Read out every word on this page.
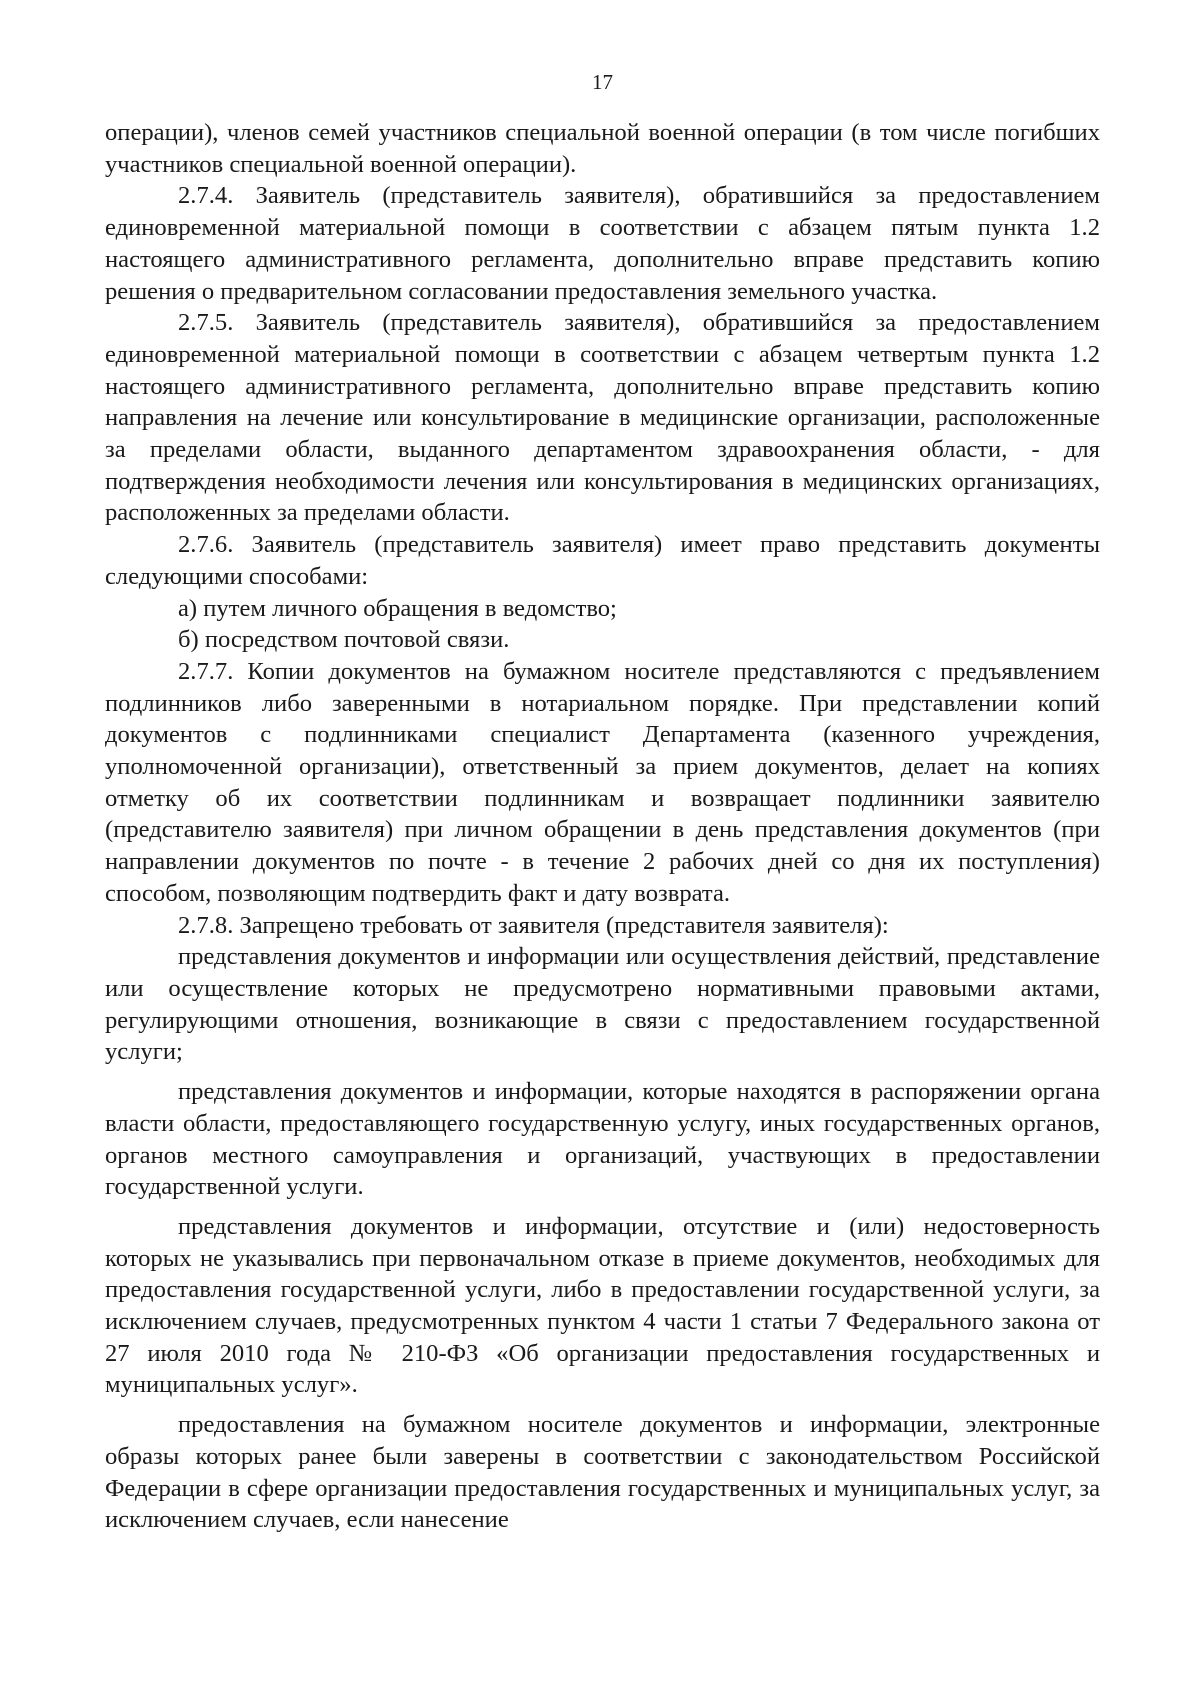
17

операции), членов семей участников специальной военной операции (в том числе погибших участников специальной военной операции).

2.7.4. Заявитель (представитель заявителя), обратившийся за предоставлением единовременной материальной помощи в соответствии с абзацем пятым пункта 1.2 настоящего административного регламента, дополнительно вправе представить копию решения о предварительном согласовании предоставления земельного участка.

2.7.5. Заявитель (представитель заявителя), обратившийся за предоставлением единовременной материальной помощи в соответствии с абзацем четвертым пункта 1.2 настоящего административного регламента, дополнительно вправе представить копию направления на лечение или консультирование в медицинские организации, расположенные за пределами области, выданного департаментом здравоохранения области, - для подтверждения необходимости лечения или консультирования в медицинских организациях, расположенных за пределами области.

2.7.6. Заявитель (представитель заявителя) имеет право представить документы следующими способами:

а) путем личного обращения в ведомство;

б) посредством почтовой связи.

2.7.7. Копии документов на бумажном носителе представляются с предъявлением подлинников либо заверенными в нотариальном порядке. При представлении копий документов с подлинниками специалист Департамента (казенного учреждения, уполномоченной организации), ответственный за прием документов, делает на копиях отметку об их соответствии подлинникам и возвращает подлинники заявителю (представителю заявителя) при личном обращении в день представления документов (при направлении документов по почте - в течение 2 рабочих дней со дня их поступления) способом, позволяющим подтвердить факт и дату возврата.

2.7.8. Запрещено требовать от заявителя (представителя заявителя):

представления документов и информации или осуществления действий, представление или осуществление которых не предусмотрено нормативными правовыми актами, регулирующими отношения, возникающие в связи с предоставлением государственной услуги;

представления документов и информации, которые находятся в распоряжении органа власти области, предоставляющего государственную услугу, иных государственных органов, органов местного самоуправления и организаций, участвующих в предоставлении государственной услуги.

представления документов и информации, отсутствие и (или) недостоверность которых не указывались при первоначальном отказе в приеме документов, необходимых для предоставления государственной услуги, либо в предоставлении государственной услуги, за исключением случаев, предусмотренных пунктом 4 части 1 статьи 7 Федерального закона от 27 июля 2010 года № 210-ФЗ «Об организации предоставления государственных и муниципальных услуг».

предоставления на бумажном носителе документов и информации, электронные образы которых ранее были заверены в соответствии с законодательством Российской Федерации в сфере организации предоставления государственных и муниципальных услуг, за исключением случаев, если нанесение
